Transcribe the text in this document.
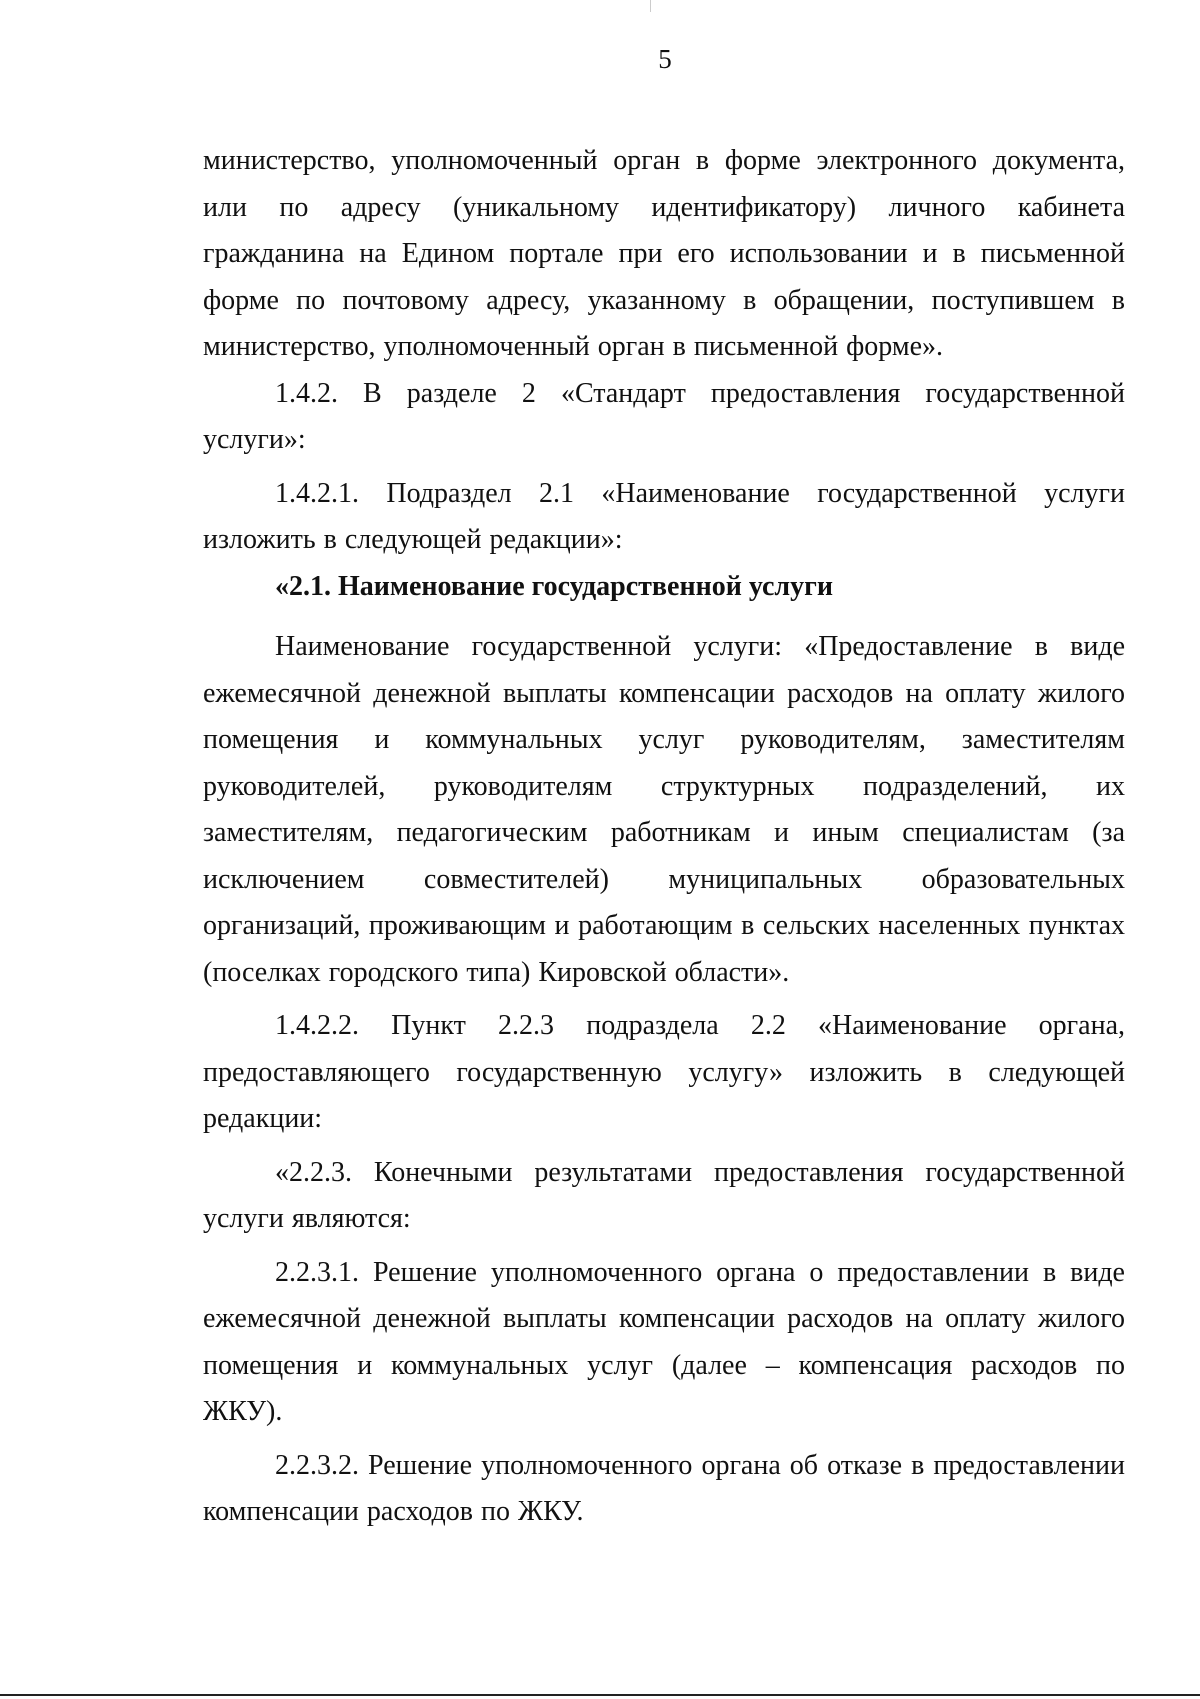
5

министерство, уполномоченный орган в форме электронного документа, или по адресу (уникальному идентификатору) личного кабинета гражданина на Едином портале при его использовании и в письменной форме по почтовому адресу, указанному в обращении, поступившем в министерство, уполномоченный орган в письменной форме».

1.4.2. В разделе 2 «Стандарт предоставления государственной услуги»:

1.4.2.1. Подраздел 2.1 «Наименование государственной услуги изложить в следующей редакции»:

«2.1. Наименование государственной услуги

Наименование государственной услуги: «Предоставление в виде ежемесячной денежной выплаты компенсации расходов на оплату жилого помещения и коммунальных услуг руководителям, заместителям руководителей, руководителям структурных подразделений, их заместителям, педагогическим работникам и иным специалистам (за исключением совместителей) муниципальных образовательных организаций, проживающим и работающим в сельских населенных пунктах (поселках городского типа) Кировской области».

1.4.2.2. Пункт 2.2.3 подраздела 2.2 «Наименование органа, предоставляющего государственную услугу» изложить в следующей редакции:

«2.2.3. Конечными результатами предоставления государственной услуги являются:

2.2.3.1. Решение уполномоченного органа о предоставлении в виде ежемесячной денежной выплаты компенсации расходов на оплату жилого помещения и коммунальных услуг (далее – компенсация расходов по ЖКУ).

2.2.3.2. Решение уполномоченного органа об отказе в предоставлении компенсации расходов по ЖКУ.
